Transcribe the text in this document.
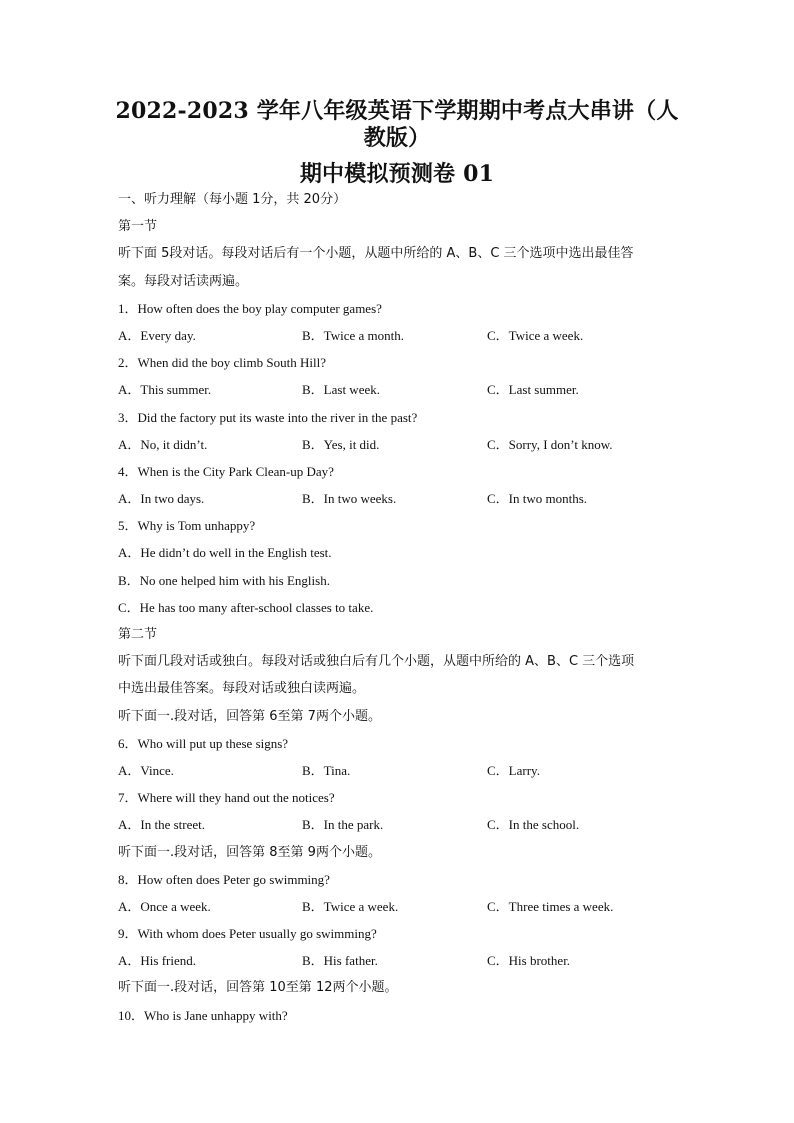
2022-2023 学年八年级英语下学期期中考点大串讲（人
教版）
期中模拟预测卷 01
一、听力理解（每小题 1分，共 20分）
第一节
听下面 5段对话。每段对话后有一个小题，从题中所给的 A、B、C 三个选项中选出最佳答
案。每段对话读两遍。
1．How often does the boy play computer games?
A．Every day.	B．Twice a month.	C．Twice a week.
2．When did the boy climb South Hill?
A．This summer.	B．Last week.	C．Last summer.
3．Did the factory put its waste into the river in the past?
A．No, it didn’t.	B．Yes, it did.	C．Sorry, I don’t know.
4．When is the City Park Clean-up Day?
A．In two days.	B．In two weeks.	C．In two months.
5．Why is Tom unhappy?
A．He didn’t do well in the English test.
B．No one helped him with his English.
C．He has too many after-school classes to take.
第二节
听下面几段对话或独白。每段对话或独白后有几个小题，从题中所给的 A、B、C 三个选项
中选出最佳答案。每段对话或独白读两遍。
听下面一.段对话，回答第 6至第 7两个小题。
6．Who will put up these signs?
A．Vince.	B．Tina.	C．Larry.
7．Where will they hand out the notices?
A．In the street.	B．In the park.	C．In the school.
听下面一.段对话，回答第 8至第 9两个小题。
8．How often does Peter go swimming?
A．Once a week.	B．Twice a week.	C．Three times a week.
9．With whom does Peter usually go swimming?
A．His friend.	B．His father.	C．His brother.
听下面一.段对话，回答第 10至第 12两个小题。
10．Who is Jane unhappy with?
